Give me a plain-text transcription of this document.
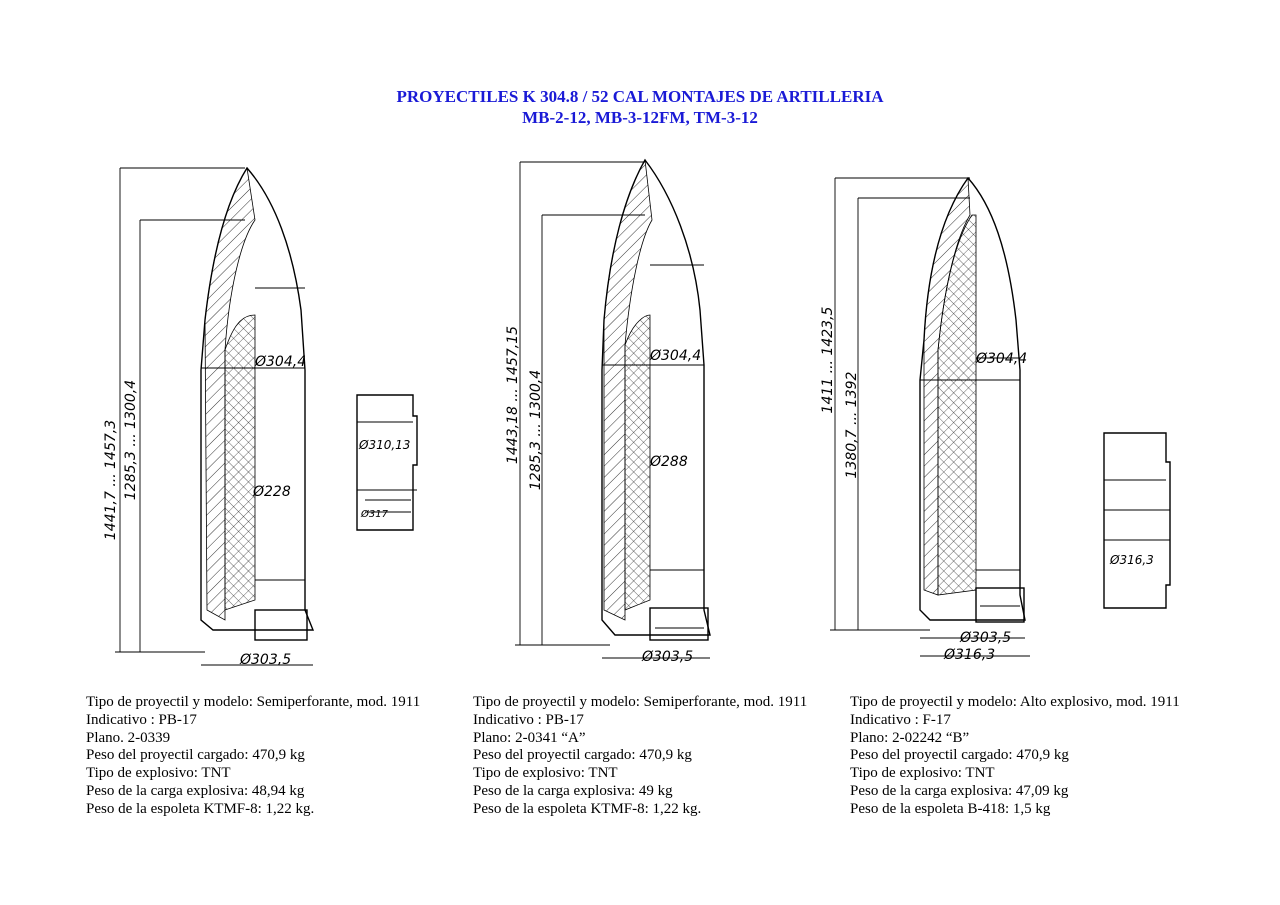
PROYECTILES K 304.8 / 52 CAL MONTAJES DE ARTILLERIA
MB-2-12, MB-3-12FM, TM-3-12
1441,7 ... 1457,3 1285,3 ... 1300,4
Ø304,4
Ø228
Ø303,5
Ø310,13
Ø317
1443,18 ... 1457,15 1285,3 ... 1300,4
Ø304,4
Ø288
Ø303,5
1411 ... 1423,5
1380,7 ... 1392
Ø304,4
Ø303,5
Ø316,3
Ø316,3
Tipo de proyectil y modelo: Semiperforante, mod. 1911
Indicativo : PB-17
Plano. 2-0339
Peso del proyectil cargado: 470,9 kg
Tipo de explosivo: TNT
Peso de la carga explosiva: 48,94 kg
Peso de la espoleta KTMF-8: 1,22 kg.
Tipo de proyectil y modelo: Semiperforante, mod. 1911
Indicativo : PB-17
Plano: 2-0341 “A”
Peso del proyectil cargado: 470,9 kg
Tipo de explosivo: TNT
Peso de la carga explosiva: 49 kg
Peso de la espoleta KTMF-8: 1,22 kg.
Tipo de proyectil y modelo: Alto explosivo, mod. 1911
Indicativo : F-17
Plano: 2-02242 “B”
Peso del proyectil cargado: 470,9 kg
Tipo de explosivo: TNT
Peso de la carga explosiva: 47,09 kg
Peso de la espoleta B-418: 1,5 kg
